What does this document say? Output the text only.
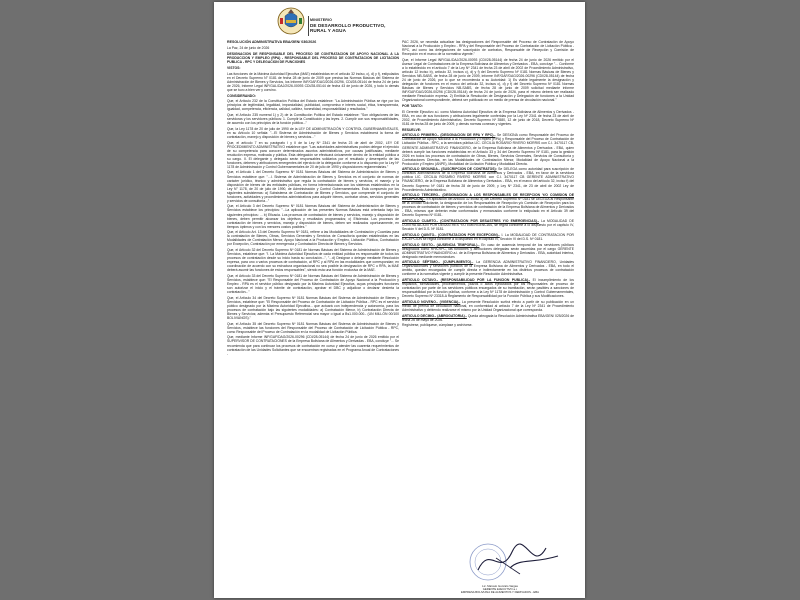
MINISTERIO
DE DESARROLLO PRODUCTIVO,
RURAL Y AGUA

RESOLUCIÓN ADMINISTRATIVA EBA/GEN/ 036/2026

La Paz, 24 de junio de 2026

DESIGNACION DE RESPONSABLE DEL PROCESO DE CONTRATACION DE APOYO NACIONAL A LA PRODUCCION Y EMPLEO (RPA) - RESPONSABLE DEL PROCESO DE CONTRATACION DE LICITACION PUBLICA - RPC Y DELEGACION DE FUNCIONES

VISTOS:

Las funciones de la Máxima Autoridad Ejecutiva (MAE) establecidas en el artículo 32 inciso, c), d) y f), estipulados en el Decreto Supremo N° 0181 de fecha 28 de junio de 2009 que precisa las Normas Básicas del Sistema de Administración de Bienes y Servicios, los Informe INF/GAF/DAG/2026-00296, CDI/28-05144 de fecha 24 de junio de 2026, Informe Legal INF/GAL/DAJ/2026-00093 CDI/28-05144 de fecha 43 de junio de 2026, y todo lo demás que se tuvo a bien ver y convino.

CONSIDERANDO:

Que, el Artículo 232 de la Constitución Política del Estado establece: "La Administración Pública se rige por los principios de legitimidad, legalidad, imparcialidad, publicidad, compromiso e interés social, ética, transparencia, igualdad, competencia, eficiencia, calidad, calidez, honestidad, responsabilidad y resultados."

Que, el Artículo 235 numeral 1) y 2) de la Constitución Política del Estado establece: "Son obligaciones de las servidoras y los servidores públicos: 1. Cumplir la Constitución y las leyes. 2. Cumplir con sus responsabilidades, de acuerdo con los principios de la función pública..."

Que, la Ley 1178 de 20 de julio de 1990 de la LEY DE ADMINISTRACIÓN Y CONTROL GUBERNAMENTALES, en su Artículo 10 señala: "...El Sistema de Administración de Bienes y Servicios establecerá la forma de contratación, manejo y disposición de bienes y servicios..."

Que, el artículo 7 en su parágrafo I y II de la Ley Nº 2341 de fecha 23 de abril de 2002, LEY DE PROCEDIMIENTO ADMINISTRATIVO establece que: "Las autoridades administrativas podrán delegar el ejercicio de su competencia para conocer determinados asuntos administrativos, por causas justificadas, mediante resolución expresa, motivada y pública. Esta delegación se efectuará únicamente dentro de la entidad pública a su cargo. II. El delegante y delegado serán responsables solidarios por el resultado y desempeño de las funciones, deberes y atribuciones emergentes del ejercicio de la delegación conforme a lo dispuesto por la Ley Nº 1178 de Administración y Control Gubernamentales de 20 de julio de 1990 y disposiciones reglamentarias."

Que, el Artículo 1 del Decreto Supremo Nº 0181 Normas Básicas del Sistema de Administración de Bienes y Servicios establece que: "...I. Sistema de Administración de Bienes y Servicios es el conjunto de normas de carácter jurídico, técnico y administrativo que regula la contratación de bienes y servicios, el manejo y la disposición de bienes de las entidades públicas, en forma interrelacionada con los sistemas establecidos en la Ley N° 1178, de 20 de julio de 1990, de Administración y Control Gubernamentales. Está compuesto por los siguientes subsistemas: a) Subsistema de Contratación de Bienes y Servicios, que comprende el conjunto de funciones, actividades y procedimientos administrativos para adquirir bienes, contratar obras, servicios generales y servicios de consultoría..."

Que, el Artículo 3 del Decreto Supremo Nº 0181 Normas Básicas del Sistema de Administración de Bienes y Servicios establece los principios: "...La aplicación de las presentes Normas Básicas está orientada bajo los siguientes principios: ... b) Eficacia. Los procesos de contratación de bienes y servicios, manejo y disposición de bienes, deben permitir alcanzar los objetivos y resultados programados; c) Eficiencia. Los procesos de contratación de bienes y servicios, manejo y disposición de bienes, deben ser realizados oportunamente, en tiempos óptimos y con los menores costos posibles."

Que, el Artículo Art. 13 del Decreto Supremo Nº 0181, refiere a las Modalidades de Contratación y Cuantías para la contratación de Bienes, Obras, Servicios Generales y Servicios de Consultoría quedan establecidas en las Modalidades de Contratación Menor, Apoyo Nacional a la Producción y Empleo, Licitación Pública, Contratación por Excepción, Contratación por emergencia y Contratación Directa de Bienes y Servicios.

Que, el Artículo 32 del Decreto Supremo Nº 0181 de Normas Básicas del Sistema de Administración de Bienes y Servicios, establece que: "I. La Máxima Autoridad Ejecutiva de cada entidad pública es responsable de todos los procesos de contratación desde su inicio hasta su conclusión...", "...d) Designar o delegar mediante Resolución expresa, para uno o varios procesos de contratación, al RPC y al RPA en las modalidades que correspondan; en coordinación de acuerdo con su estructura organizacional no sea posible la designación de RPC o RPA, la MAE deberá asumir las funciones de estos responsables", siendo esta una función exclusiva de la MAE.

Que, el Artículo 33 del Decreto Supremo Nº 0181 de Normas Básicas del Sistema de Administración de Bienes y Servicios, establece que: "El Responsable del Proceso de Contratación de Apoyo Nacional a la Producción y Empleo - RPA es el servidor público designado por la Máxima Autoridad Ejecutiva, cuyas principales funciones son autorizar el inicio y el trámite de contratación, aprobar el DBC y adjudicar o declarar desierta la contratación..."

Que, el Artículo 34 del Decreto Supremo Nº 0181 Normas Básicas del Sistema de Administración de Bienes y Servicios, establece que: "El Responsable del Proceso de Contratación de Licitación Pública - RPC es el servidor público designado por la Máxima Autoridad Ejecutiva... que actuará con independencia y autonomía, para los procesos de contratación bajo las siguientes modalidades: a) Contratación Menor, b) Contratación Directa de Bienes y Servicios; además el Presupuesto Referencial sea mayor o igual a Bs1.000.000.- (UN MILLÓN 00/100 BOLIVIANOS)."

Que, el Artículo 35 del Decreto Supremo Nº 0181 Normas Básicas del Sistema de Administración de Bienes y Servicios, establece las funciones del Responsable del Proceso de Contratación de Licitación Pública - RPC, como Responsable del Proceso de Contratación en la modalidad de Licitación Pública.

Que, mediante Informe INF/GAF/DAG/2026-00296 (CDI/28-05144) de fecha 24 de junio de 2026 emitido por el SUPERVISOR DE CONTRATACIONES de la Empresa Boliviana de Alimentos y Derivadas - EBA, concluye "... Se recomienda que para continuar los procesos de contratación en curso y atender las cuarenta requerimientos de contratación de las Unidades Solicitantes que se encuentran registradas en el Programa Anual de Contrataciones -

PAC 2026, se necesita actualizar las designaciones del Responsable del Proceso de Contratación de Apoyo Nacional a la Producción y Empleo - RPA y del Responsable del Proceso de Contratación de Licitación Pública - RPC, así como las delegaciones de suscripción de contratos, Responsable de Recepción y Comisión de Recepción en el marco de la normativa vigente."

Que, el Informe Legal INF/GAL/DAJ/2026-00093 (CDI/28-05144) de fecha 24 de junio de 2026 emitido por el Asesor Legal de Contrataciones de la Empresa Boliviana de Alimentos y Derivados - EBA, concluye "... Conforme a lo establecido en el artículo 7 de la Ley Nº 2341 de fecha 23 de abril de 2002 de Procedimiento Administrativo, artículo 12 inciso b), artículo 32, incisos c), d) y f) del Decreto Supremo Nº 0181 Normas Básicas de Bienes y Servicios NB-SABS, de fecha 28 de junio de 2009, informe INF/GAF/DAG/2026-00296 (CDI/28-05144) de fecha 24 de junio de 2026, por lo que se recomienda a su Autoridad: 1) Es viable legalmente la designación y delegación de funciones en el marco del artículo 32, incisos c), d) y f) del Decreto Supremo Nº 0181 Normas Básicas de Bienes y Servicios NB-SABS, de fecha 28 de junio de 2009 solicitud mediante informe INF/GAF/DAG/2026-00296 (CDI/28-05144) de fecha 24 de junio de 2026, para el mismo deberá ser realizado mediante Resolución expresa. 2) Emitida la Resolución de Designación y Delegación de funciones a la Unidad Organizacional correspondiente, deberá ser publicado en un medio de prensa de circulación nacional."

POR TANTO:

El Gerente Ejecutivo a.i. como Máxima Autoridad Ejecutiva de la Empresa Boliviana de Alimentos y Derivados - EBA, en uso de sus funciones y atribuciones legalmente conferidas por la Ley Nº 2341 de fecha 23 de abril de 2002, de Procedimiento Administrativo, Decreto Supremo Nº 3580, 12 de junio de 2018, Decreto Supremo Nº 0181 de fecha 28 de junio de 2009, y demás normas conexas y vigentes.

RESUELVE:

ARTICULO PRIMERO.- (DESIGNACION DE RPA Y RPC).- Se DESIGNA como Responsable del Proceso de Contratación de Apoyo Nacional a la Producción y Empleo (RPA) y Responsable del Proceso de Contratación de Licitación Pública - RPC, a la servidora pública LIC. CECILIA ROSARIO RIVERO MORRIS con C.I. 3470117 CB, GERENTE ADMINISTRATIVO FINANCIERO, de la Empresa Boliviana de Alimentos y Derivados - EBA, quien deberá cumplir las funciones establecidas en el Artículo 33 y 34 del Decreto Supremo Nº 0181, para la gestión 2026 en todos los procesos de contratación de Obras, Bienes, Servicios Generales, Servicios de Consultoría y Contrataciones Directas, en las Modalidades de Contratación Menor, Modalidad de Apoyo Nacional a la Producción y Empleo (ANPE), Modalidad de Licitación Pública y Modalidad Directa.

ARTICULO SEGUNDA.- (SUSCRIPCION DE CONTRATOS): Se DELEGA como autoridad para suscripción de contratos administrativos de la Empresa Boliviana de Alimentos y Derivados - EBA, en favor de la servidora pública LIC. CECILIA ROSARIO RIVERO MORRIS con C.I. 3470117 CB GERENTE ADMINISTRATIVO FINANCIERO, de la Empresa Boliviana de Alimentos y Derivados - EBA, en el marco del artículo 32, inciso f) del Decreto Supremo Nº 0181 de fecha 28 de junio de 2009, y Ley Nº 2341, de 23 de abril de 2002 Ley de Procedimiento Administrativo.

ARTICULO TERCERO.- (DESIGNACION A LOS RESPONSABLES DE RECEPCION Y/O COMISION DE RECEPCION).- En aplicación del Artículo 32 inciso d) del Decreto Supremo Nº 0181 se DELEGA al Responsable de la Unidad Solicitante, la designación de los Responsables de Recepción y/o Comisión de Recepción para los procesos de contratación de bienes y servicios de contratación de la Empresa Boliviana de Alimentos y Derivados - EBA, mismos que deberán estar conformados y enmarcados conforme lo estipulado en el Artículo 39 del Decreto Supremo Nº 0181.

ARTICULO CUARTO.- (CONTRATACION POR DESASTRES Y/O EMERGENCIAS).- La MODALIDAD DE CONTRATACION POR DESASTRES Y/O EMERGENCIAS, se regirá conforme a lo dispuesto por el capítulo IV, Sección V del D.S. Nº 0181.

ARTICULO QUINTO.- (CONTRATACION POR EXCEPCION).- I. La MODALIDAD DE CONTRATACION POR EXCEPCION se regirá conforme a lo dispuesto en el capítulo IV, Sección VI del D.S. Nº 0181.

ARTICULO SEXTO.- (AUSENCIA TEMPORAL).- En caso de ausencia temporal de los servidores públicos designados como RPA-RPC, las funciones y atribuciones delegadas serán asumidas por el cargo GERENTE ADMINISTRATIVO FINANCIERO a.i. de la Empresa Boliviana de Alimentos y Derivados - EBA, autoridad interina, designado mediante memorándum.

ARTICULO SÉPTIMO.- (CUMPLIMIENTO).- La GERENCIA ADMINISTRATIVO FINANCIERO, Unidades Organizacionales y servidores públicos de la Empresa Boliviana de Alimentos y Derivados - EBA, en todo el ámbito, quedan encargados de cumplir directa e indirectamente en los distintos procesos de contratación conforme a la normativa vigente y cumplir la presente Resolución Administrativa.

ARTICULO OCTAVO.- (RESPONSABILIDAD POR LA FUNCION PUBLICA).- El incumplimiento de los requisitos, formalidades, procedimientos, plazos o actos ejecutados por los responsables de proceso de contratación por parte de los servidores públicos encargados de su tramitación, serán pasibles a sanciones de responsabilidad por la función pública, conforme a la Ley Nº 1178 de Administración y Control Gubernamentales, Decreto Supremo Nº 23318-A Reglamento de Responsabilidad por la Función Pública y sus Modificaciones.

ARTICULO NOVENO.- (VIGENCIA).- La presente Resolución surtirá efecto a partir de su publicación en un medio de prensa de circulación nacional, en conformidad al artículo 7 de la Ley Nº 2341 de Procedimiento Administrativo y debiendo realizarse el mismo por la Unidad Organizacional que corresponda.

ARTICULO DECIMO.- (ABROGATORIA).- Queda abrogada la Resolución Administrativa EBA/GEN/ 025/2026 de fecha 26 de mayo de 2026.

Regístrese, publíquese, cúmplase y archívese.

Lic. Marcelo Gonzalo Vargas
GERENTE EJECUTIVO a.i.
EMPRESA BOLIVIANA DE ALIMENTOS Y DERIVADOS - EBA
